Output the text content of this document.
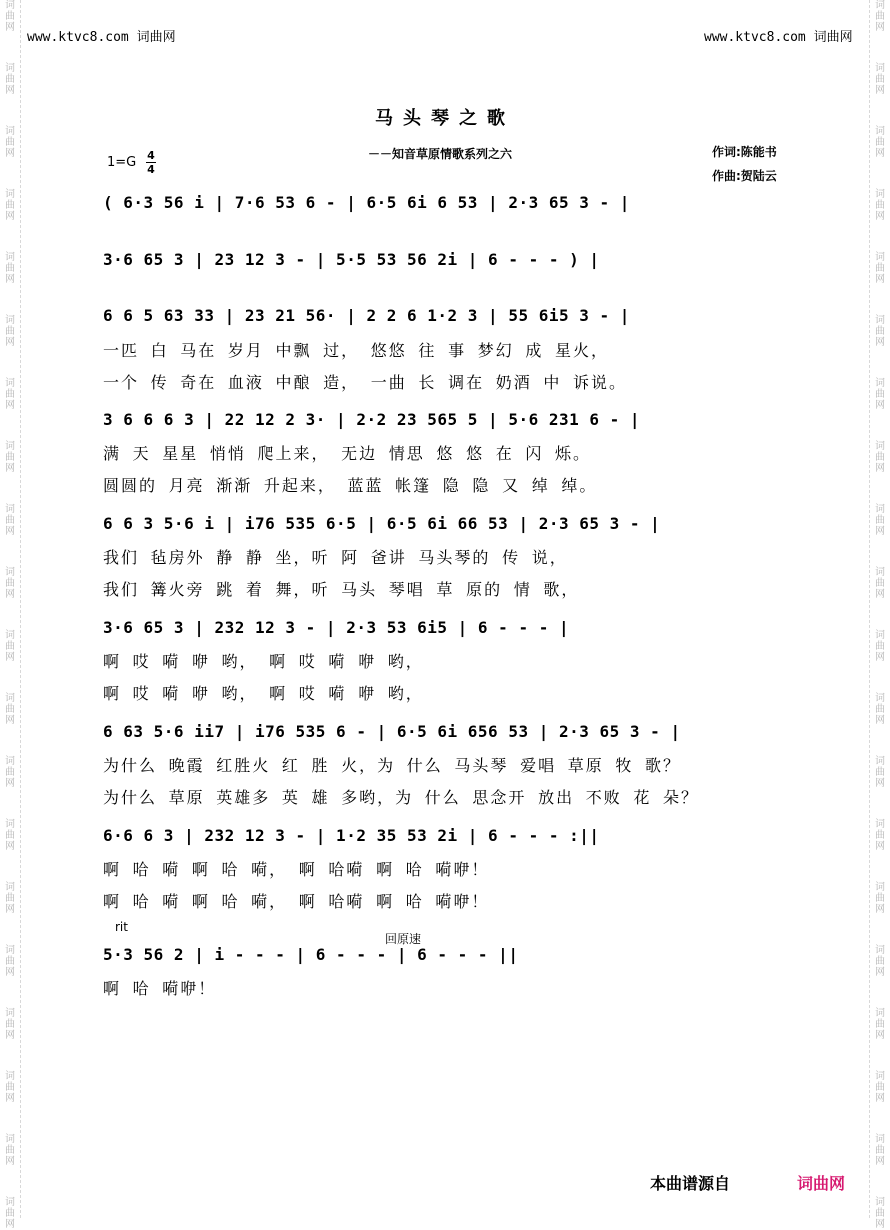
词
曲
网
词
曲
网
词
曲
网
词
曲
网
词
曲
网
词
曲
网
词
曲
网
词
曲
网
词
曲
网
词
曲
网
词
曲
网
词
曲
网
词
曲
网
词
曲
网
词
曲
网
词
曲
网
词
曲
网
词
曲
网
词
曲
网
词
曲
网
词
曲
网
词
曲
网
词
曲
网
词
曲
网
词
曲
网
词
曲
网
词
曲
网
词
曲
网
词
曲
网
词
曲
网
词
曲
网
词
曲
网
词
曲
网
词
曲
网
词
曲
网
词
曲
网
词
曲
网
词
曲
网
词
曲
网
词
曲
网
www.ktvc8.com 词曲网	www.ktvc8.com 词曲网
马头琴之歌
－－知音草原情歌系列之六	作词:陈能书
作曲:贺陆云
1=G 4
4
( 6·3 56 i | 7·6 53 6 - | 6·5 6i 6 53 | 2·3 65 3 - |
3·6 65 3 | 23 12 3 - | 5·5 53 56 2i | 6 - - - ) |
6 6 5 63 33 | 23 21 56· | 2 2 6 1·2 3 | 55 6i5 3 - |
一匹 白 马在 岁月 中飘 过， 悠悠 往 事 梦幻 成 星火，
一个 传 奇在 血液 中酿 造， 一曲 长 调在 奶酒 中 诉说。
3 6 6 6 3 | 22 12 2 3· | 2·2 23 565 5 | 5·6 231 6 - |
满 天 星星 悄悄 爬上来， 无边 情思 悠 悠 在 闪 烁。
圆圆的 月亮 渐渐 升起来， 蓝蓝 帐篷 隐 隐 又 绰 绰。
6 6 3 5·6 i | i76 535 6·5 | 6·5 6i 66 53 | 2·3 65 3 - |
我们 毡房外 静 静 坐，听 阿 爸讲 马头琴的 传 说，
我们 篝火旁 跳 着 舞，听 马头 琴唱 草 原的 情 歌，
3·6 65 3 | 232 12 3 - | 2·3 53 6i5 | 6 - - - |
啊 哎 嗬 咿 哟， 啊 哎 嗬 咿 哟，
啊 哎 嗬 咿 哟， 啊 哎 嗬 咿 哟，
6 63 5·6 ii7 | i76 535 6 - | 6·5 6i 656 53 | 2·3 65 3 - |
为什么 晚霞 红胜火 红 胜 火，为 什么 马头琴 爱唱 草原 牧 歌？
为什么 草原 英雄多 英 雄 多哟，为 什么 思念开 放出 不败 花 朵？
6·6 6 3 | 232 12 3 - | 1·2 35 53 2i | 6 - - - :||
啊 哈 嗬 啊 哈 嗬， 啊 哈嗬 啊 哈 嗬咿！
啊 哈 嗬 啊 哈 嗬， 啊 哈嗬 啊 哈 嗬咿！
rit
回原速
5·3 56 2 | i - - - | 6 - - - | 6 - - - ||
啊 哈 嗬咿！
本曲谱源自	词曲网
